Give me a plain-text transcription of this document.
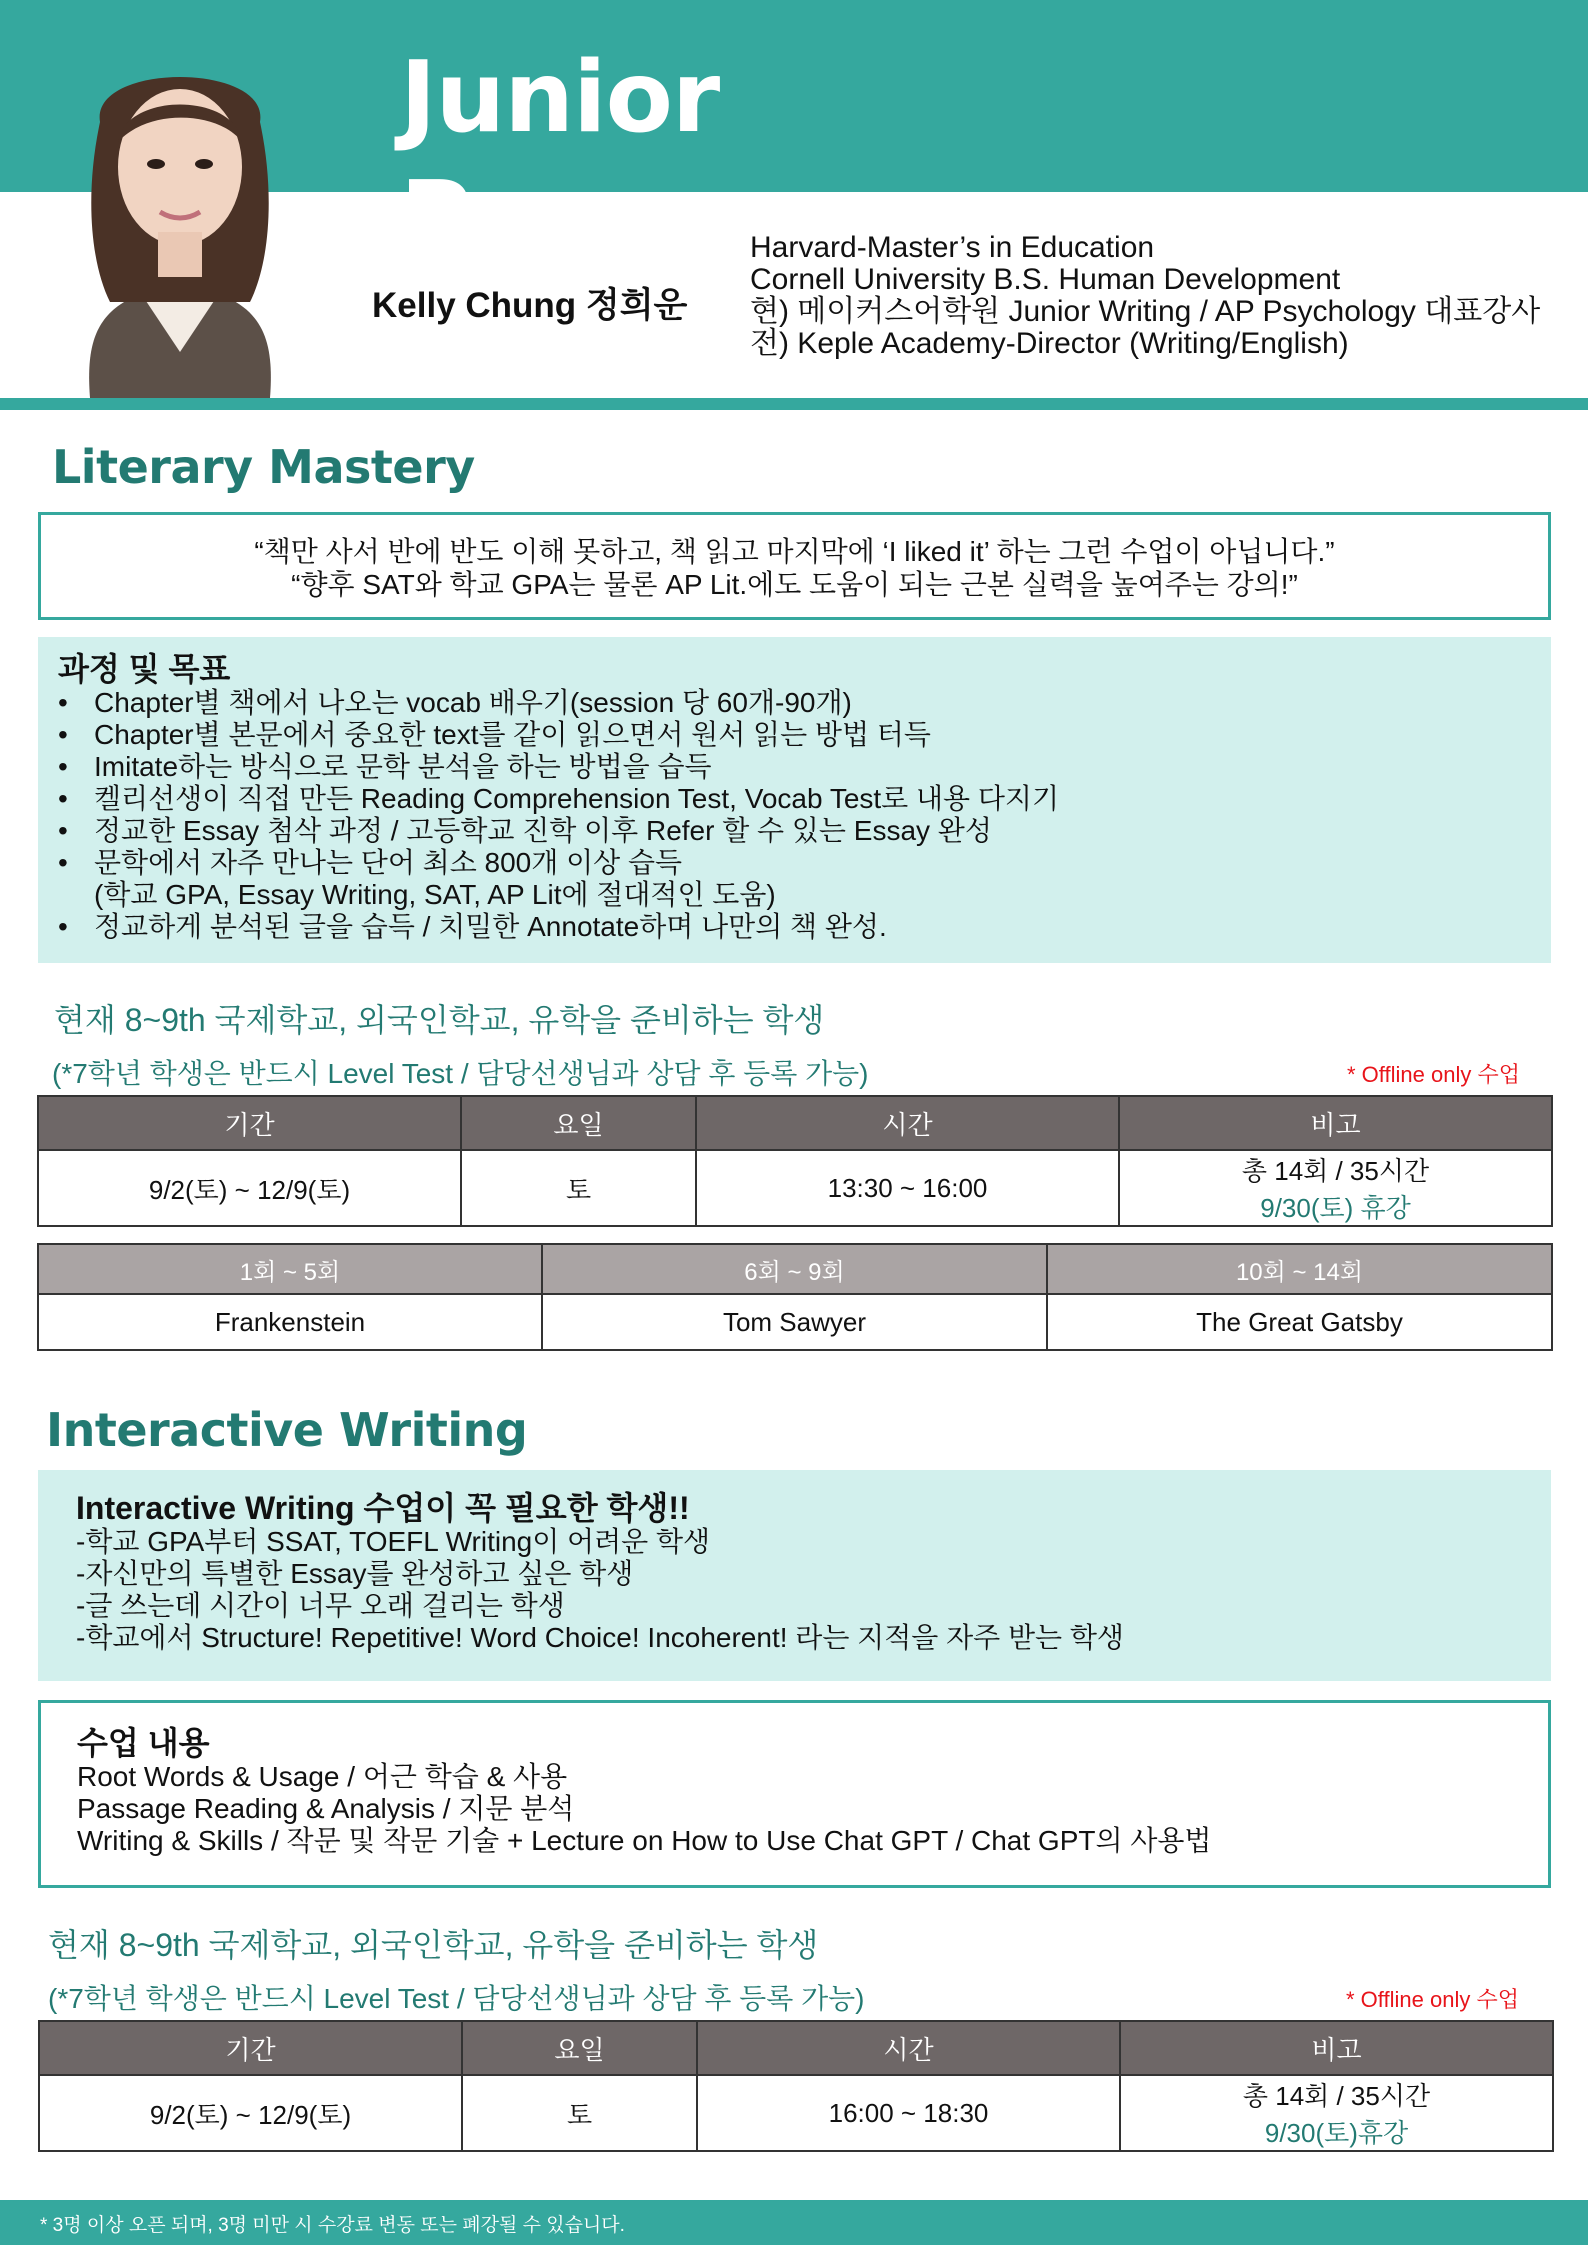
Junior Program
Kelly Chung 정희운
Harvard-Master’s in Education
Cornell University B.S. Human Development
현) 메이커스어학원 Junior Writing / AP Psychology 대표강사
전) Keple Academy-Director (Writing/English)
Literary Mastery
“책만 사서 반에 반도 이해 못하고, 책 읽고 마지막에 ‘I liked it’ 하는 그런 수업이 아닙니다.”
“향후 SAT와 학교 GPA는 물론 AP Lit.에도 도움이 되는 근본 실력을 높여주는 강의!”
과정 및 목표
• Chapter별 책에서 나오는 vocab 배우기(session 당 60개-90개)
• Chapter별 본문에서 중요한 text를 같이 읽으면서 원서 읽는 방법 터득
• Imitate하는 방식으로 문학 분석을 하는 방법을 습득
• 켈리선생이 직접 만든 Reading Comprehension Test, Vocab Test로 내용 다지기
• 정교한 Essay 첨삭 과정 / 고등학교 진학 이후 Refer 할 수 있는 Essay 완성
• 문학에서 자주 만나는 단어 최소 800개 이상 습득
(학교 GPA, Essay Writing, SAT, AP Lit에 절대적인 도움)
• 정교하게 분석된 글을 습득 / 치밀한 Annotate하며 나만의 책 완성.
현재 8~9th 국제학교, 외국인학교, 유학을 준비하는 학생
(*7학년 학생은 반드시 Level Test / 담당선생님과 상담 후 등록 가능)	* Offline only 수업
기간	요일	시간	비고
9/2(토) ~ 12/9(토)	토	13:30 ~ 16:00	총 14회 / 35시간
9/30(토) 휴강
1회 ~ 5회	6회 ~ 9회	10회 ~ 14회
Frankenstein	Tom Sawyer	The Great Gatsby
Interactive Writing
Interactive Writing 수업이 꼭 필요한 학생!!
-학교 GPA부터 SSAT, TOEFL Writing이 어려운 학생
-자신만의 특별한 Essay를 완성하고 싶은 학생
-글 쓰는데 시간이 너무 오래 걸리는 학생
-학교에서 Structure! Repetitive! Word Choice! Incoherent! 라는 지적을 자주 받는 학생
수업 내용
Root Words & Usage / 어근 학습 & 사용
Passage Reading & Analysis / 지문 분석
Writing & Skills / 작문 및 작문 기술 + Lecture on How to Use Chat GPT / Chat GPT의 사용법
현재 8~9th 국제학교, 외국인학교, 유학을 준비하는 학생
(*7학년 학생은 반드시 Level Test / 담당선생님과 상담 후 등록 가능)	* Offline only 수업
기간	요일	시간	비고
9/2(토) ~ 12/9(토)	토	16:00 ~ 18:30	총 14회 / 35시간
9/30(토)휴강
* 3명 이상 오픈 되며, 3명 미만 시 수강료 변동 또는 폐강될 수 있습니다.
